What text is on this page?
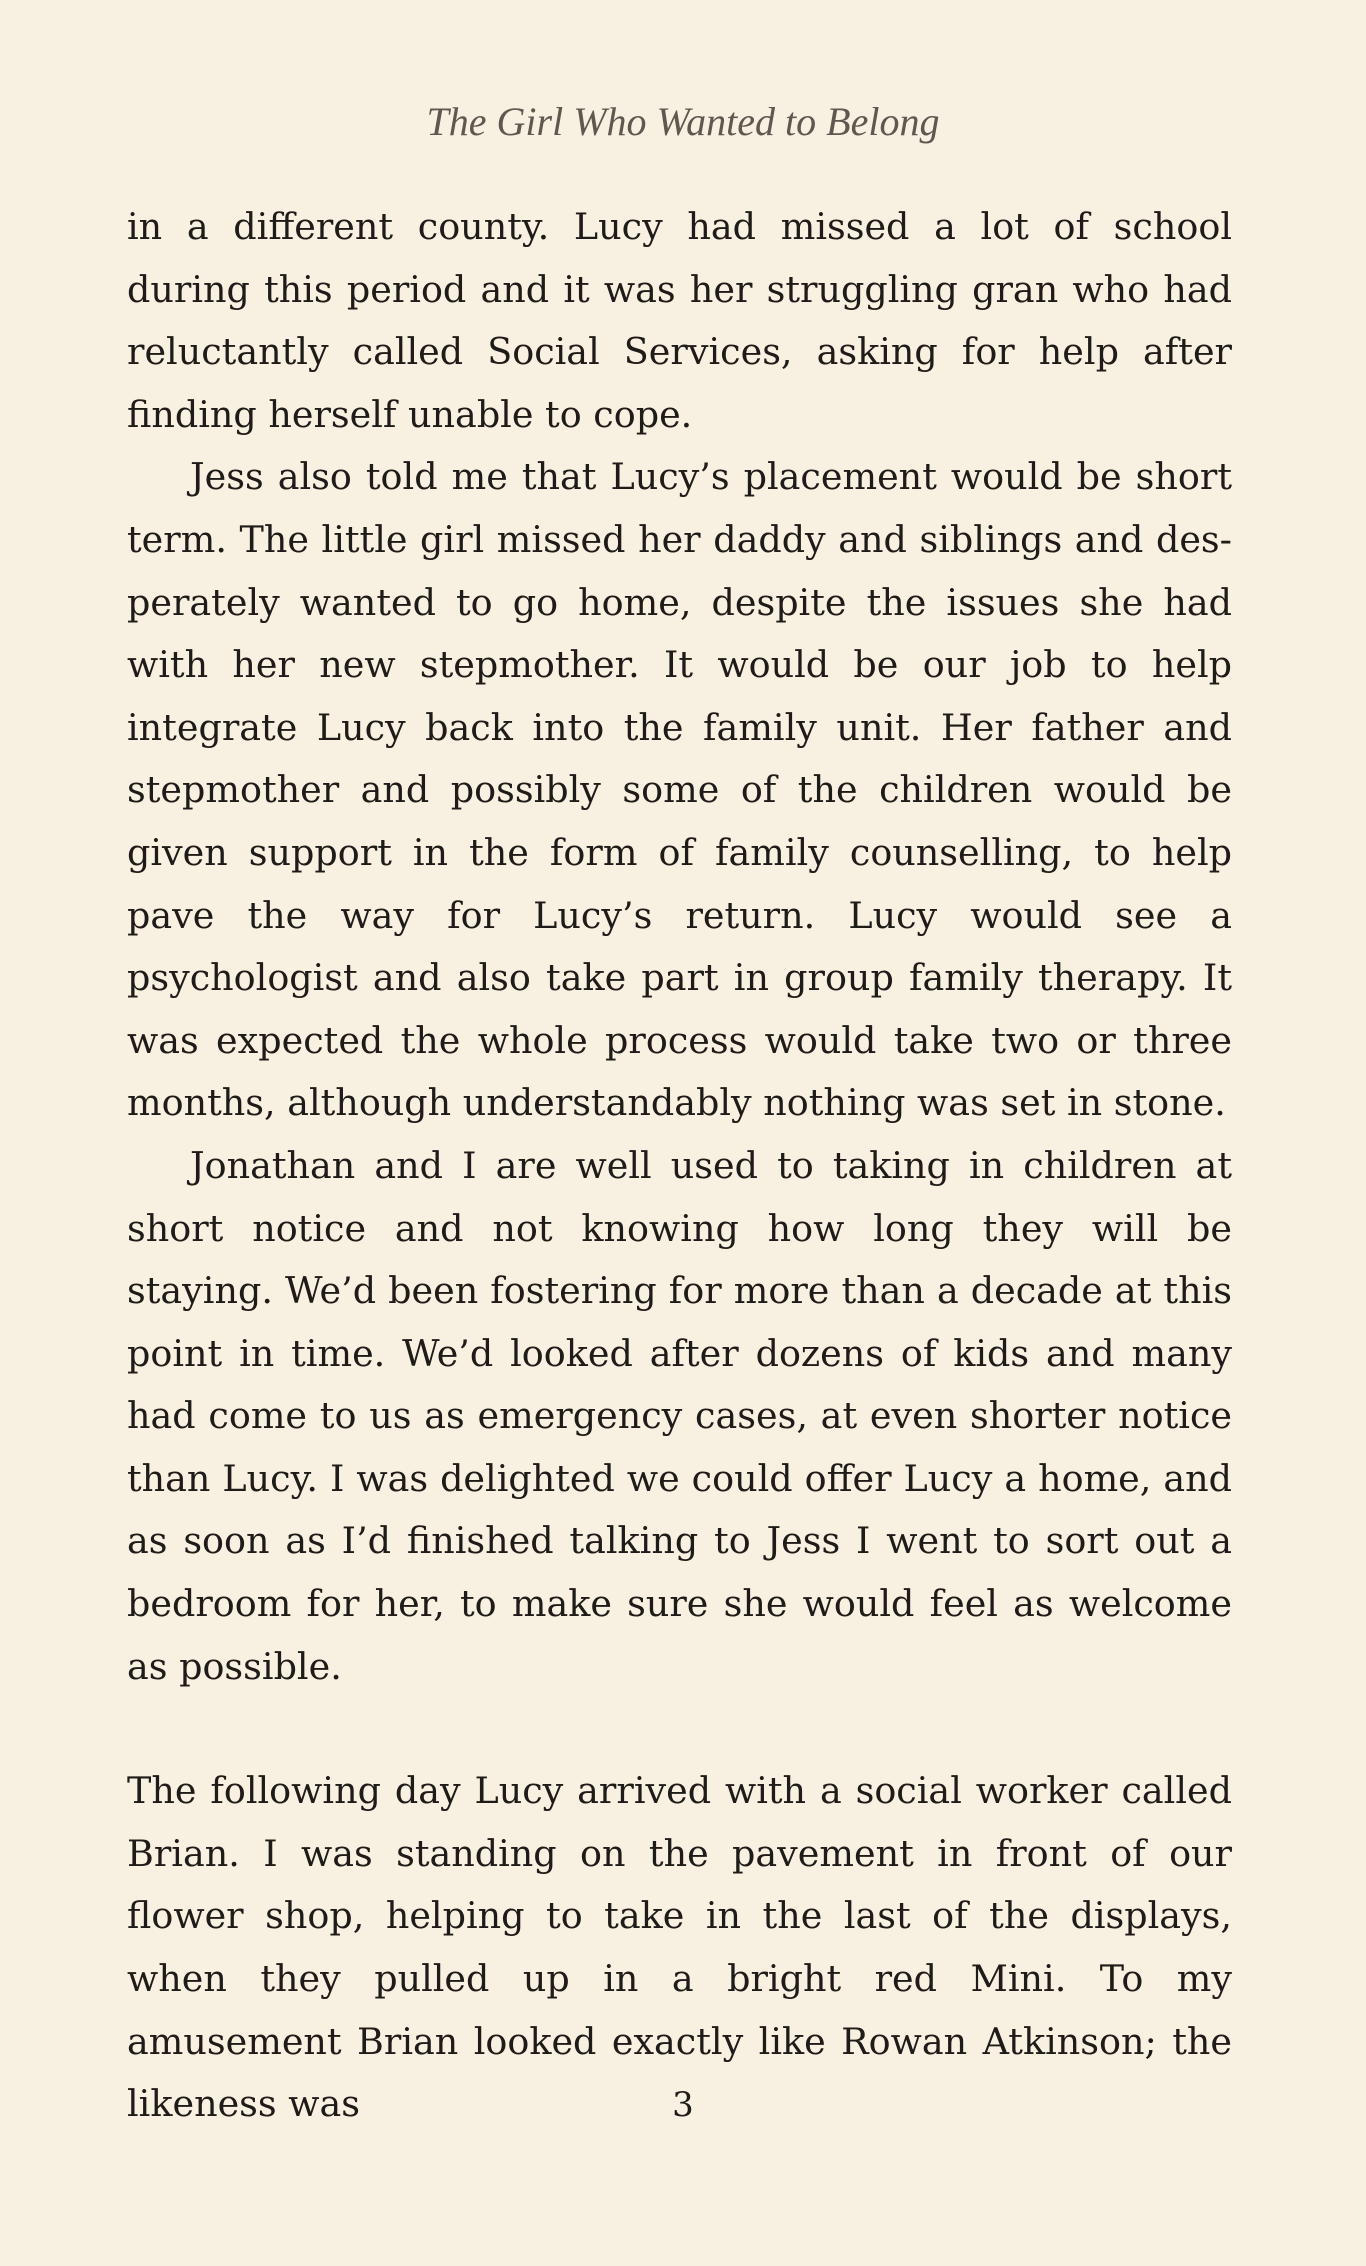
The Girl Who Wanted to Belong

in a different county. Lucy had missed a lot of school during this period and it was her struggling gran who had reluctantly called Social Services, asking for help after finding herself unable to cope.

Jess also told me that Lucy’s placement would be short term. The little girl missed her daddy and siblings and desperately wanted to go home, despite the issues she had with her new stepmother. It would be our job to help integrate Lucy back into the family unit. Her father and stepmother and possibly some of the children would be given support in the form of family counselling, to help pave the way for Lucy’s return. Lucy would see a psychologist and also take part in group family therapy. It was expected the whole process would take two or three months, although understandably nothing was set in stone.

Jonathan and I are well used to taking in children at short notice and not knowing how long they will be staying. We’d been fostering for more than a decade at this point in time. We’d looked after dozens of kids and many had come to us as emergency cases, at even shorter notice than Lucy. I was delighted we could offer Lucy a home, and as soon as I’d finished talking to Jess I went to sort out a bedroom for her, to make sure she would feel as welcome as possible.

The following day Lucy arrived with a social worker called Brian. I was standing on the pavement in front of our flower shop, helping to take in the last of the displays, when they pulled up in a bright red Mini. To my amusement Brian looked exactly like Rowan Atkinson; the likeness was	3
